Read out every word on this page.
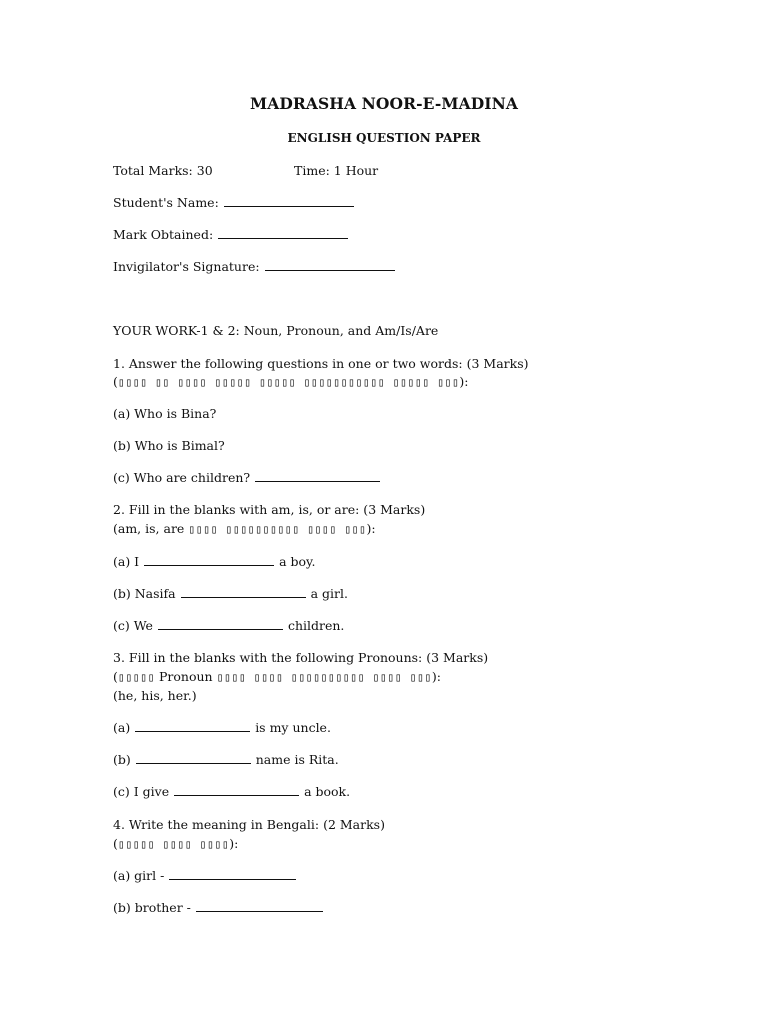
MADRASHA NOOR-E-MADINA
ENGLISH QUESTION PAPER
Total Marks: 30	Time: 1 Hour
Student's Name:
Mark Obtained:
Invigilator's Signature:
YOUR WORK-1 & 2: Noun, Pronoun, and Am/Is/Are
1. Answer the following questions in one or two words: (3 Marks)
(▯▯▯▯ ▯▯ ▯▯▯▯ ▯▯▯▯▯ ▯▯▯▯▯ ▯▯▯▯▯▯▯▯▯▯▯ ▯▯▯▯▯ ▯▯▯):
(a) Who is Bina?
(b) Who is Bimal?
(c) Who are children?
2. Fill in the blanks with am, is, or are: (3 Marks)
(am, is, are ▯▯▯▯ ▯▯▯▯▯▯▯▯▯▯ ▯▯▯▯ ▯▯▯):
(a) I	a boy.
(b) Nasifa	a girl.
(c) We	children.
3. Fill in the blanks with the following Pronouns: (3 Marks)
(▯▯▯▯▯ Pronoun ▯▯▯▯ ▯▯▯▯ ▯▯▯▯▯▯▯▯▯▯ ▯▯▯▯ ▯▯▯):
(he, his, her.)
(a)	is my uncle.
(b)	name is Rita.
(c) I give	a book.
4. Write the meaning in Bengali: (2 Marks)
(▯▯▯▯▯ ▯▯▯▯ ▯▯▯▯):
(a) girl -
(b) brother -
